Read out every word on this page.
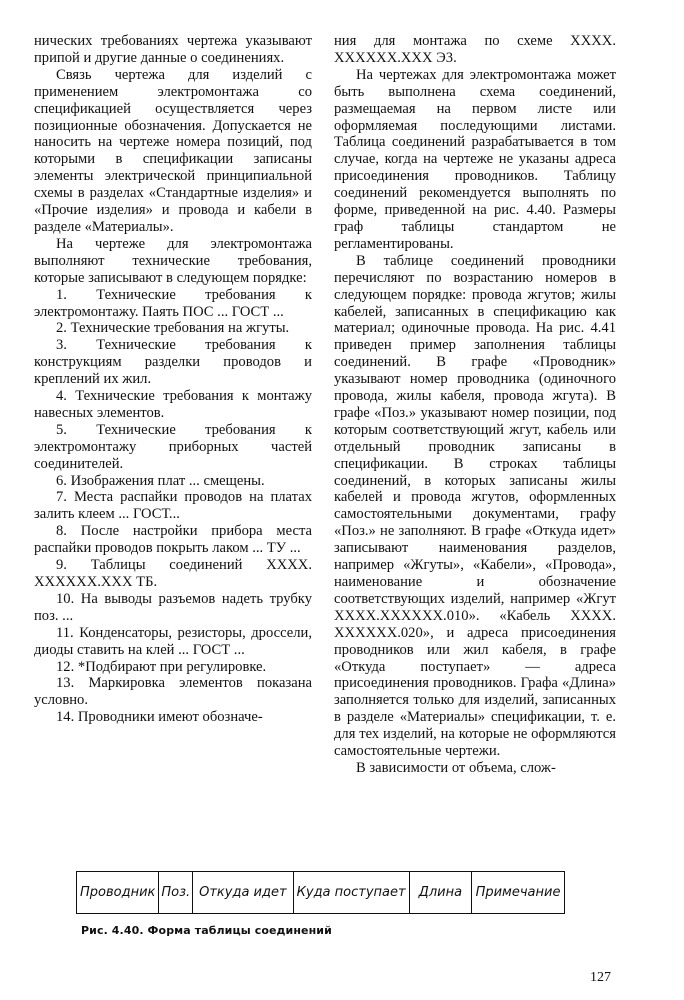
нических требованиях чертежа указывают припой и другие данные о соединениях.

Связь чертежа для изделий с применением электромонтажа со спецификацией осуществляется через позиционные обозначения. Допускается не наносить на чертеже номера позиций, под которыми в спецификации записаны элементы электрической принципиальной схемы в разделах «Стандартные изделия» и «Прочие изделия» и провода и кабели в разделе «Материалы».

На чертеже для электромонтажа выполняют технические требования, которые записывают в следующем порядке:

1. Технические требования к электромонтажу. Паять ПОС ... ГОСТ ...

2. Технические требования на жгуты.

3. Технические требования к конструкциям разделки проводов и креплений их жил.

4. Технические требования к монтажу навесных элементов.

5. Технические требования к электромонтажу приборных частей соединителей.

6. Изображения плат ... смещены.

7. Места распайки проводов на платах залить клеем ... ГОСТ...

8. После настройки прибора места распайки проводов покрыть лаком ... ТУ ...

9. Таблицы соединений XXXX. XXXXXX.XXX ТБ.

10. На выводы разъемов надеть трубку поз. ...

11. Конденсаторы, резисторы, дроссели, диоды ставить на клей ... ГОСТ ...

12. *Подбирают при регулировке.

13. Маркировка элементов показана условно.

14. Проводники имеют обозначе-

ния для монтажа по схеме XXXX. XXXXXX.XXX Э3.

На чертежах для электромонтажа может быть выполнена схема соединений, размещаемая на первом листе или оформляемая последующими листами. Таблица соединений разрабатывается в том случае, когда на чертеже не указаны адреса присоединения проводников. Таблицу соединений рекомендуется выполнять по форме, приведенной на рис. 4.40. Размеры граф таблицы стандартом не регламентированы.

В таблице соединений проводники перечисляют по возрастанию номеров в следующем порядке: провода жгутов; жилы кабелей, записанных в спецификацию как материал; одиночные провода. На рис. 4.41 приведен пример заполнения таблицы соединений. В графе «Проводник» указывают номер проводника (одиночного провода, жилы кабеля, провода жгута). В графе «Поз.» указывают номер позиции, под которым соответствующий жгут, кабель или отдельный проводник записаны в спецификации. В строках таблицы соединений, в которых записаны жилы кабелей и провода жгутов, оформленных самостоятельными документами, графу «Поз.» не заполняют. В графе «Откуда идет» записывают наименования разделов, например «Жгуты», «Кабели», «Провода», наименование и обозначение соответствующих изделий, например «Жгут XXXX.XXXXXX.010». «Кабель XXXX. XXXXXX.020», и адреса присоединения проводников или жил кабеля, в графе «Откуда поступает» — адреса присоединения проводников. Графа «Длина» заполняется только для изделий, записанных в разделе «Материалы» спецификации, т. е. для тех изделий, на которые не оформляются самостоятельные чертежи.

В зависимости от объема, слож-

Проводник	Поз.	Откуда идет	Куда поступает	Длина	Примечание
Рис. 4.40. Форма таблицы соединений
127
